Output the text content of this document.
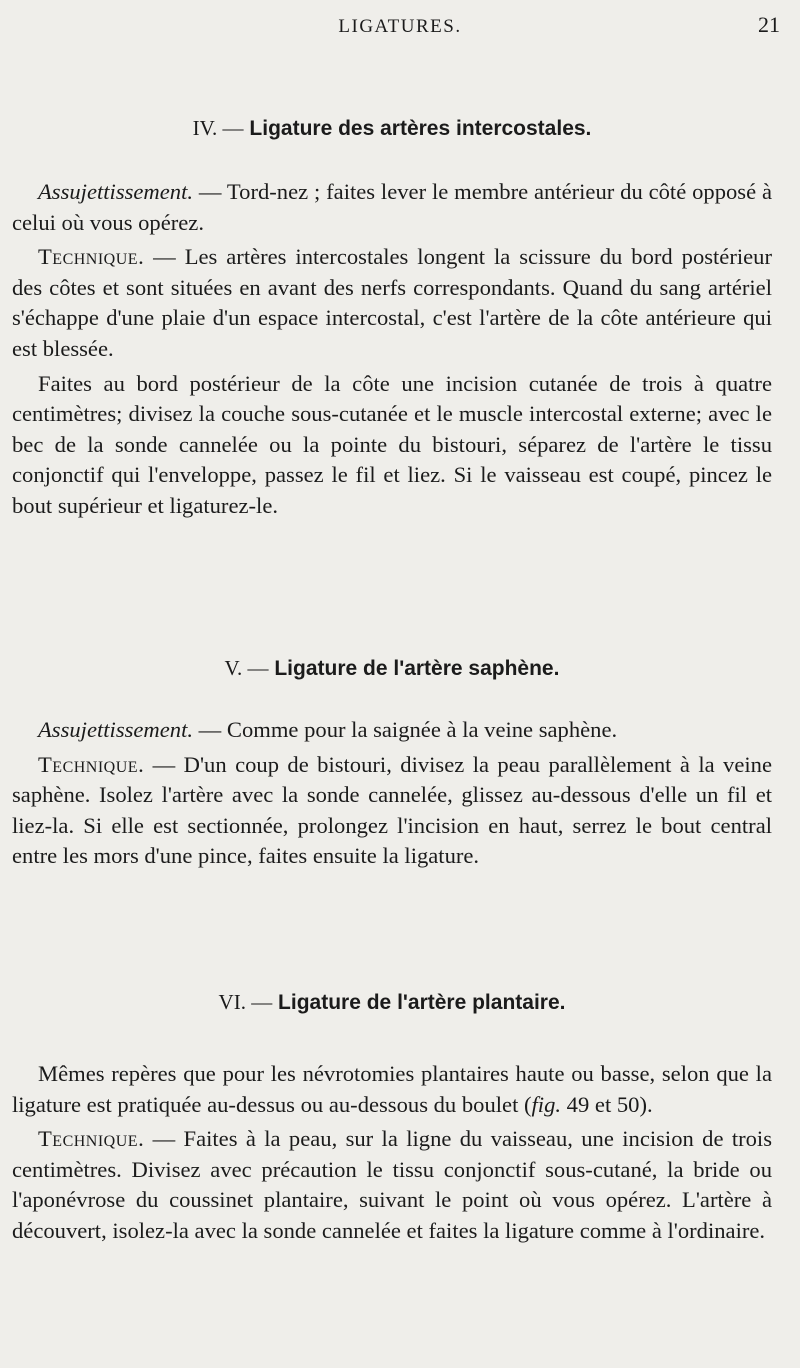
LIGATURES.	21
IV. — Ligature des artères intercostales.

Assujettissement. — Tord-nez ; faites lever le membre antérieur du côté opposé à celui où vous opérez.

Technique. — Les artères intercostales longent la scissure du bord postérieur des côtes et sont situées en avant des nerfs correspondants. Quand du sang artériel s'échappe d'une plaie d'un espace intercostal, c'est l'artère de la côte antérieure qui est blessée.

Faites au bord postérieur de la côte une incision cutanée de trois à quatre centimètres; divisez la couche sous-cutanée et le muscle intercostal externe; avec le bec de la sonde cannelée ou la pointe du bistouri, séparez de l'artère le tissu conjonctif qui l'enveloppe, passez le fil et liez. Si le vaisseau est coupé, pincez le bout supérieur et ligaturez-le.

V. — Ligature de l'artère saphène.

Assujettissement. — Comme pour la saignée à la veine saphène.

Technique. — D'un coup de bistouri, divisez la peau parallèlement à la veine saphène. Isolez l'artère avec la sonde cannelée, glissez au-dessous d'elle un fil et liez-la. Si elle est sectionnée, prolongez l'incision en haut, serrez le bout central entre les mors d'une pince, faites ensuite la ligature.

VI. — Ligature de l'artère plantaire.

Mêmes repères que pour les névrotomies plantaires haute ou basse, selon que la ligature est pratiquée au-dessus ou au-dessous du boulet (fig. 49 et 50).

Technique. — Faites à la peau, sur la ligne du vaisseau, une incision de trois centimètres. Divisez avec précaution le tissu conjonctif sous-cutané, la bride ou l'aponévrose du coussinet plantaire, suivant le point où vous opérez. L'artère à découvert, isolez-la avec la sonde cannelée et faites la ligature comme à l'ordinaire.
